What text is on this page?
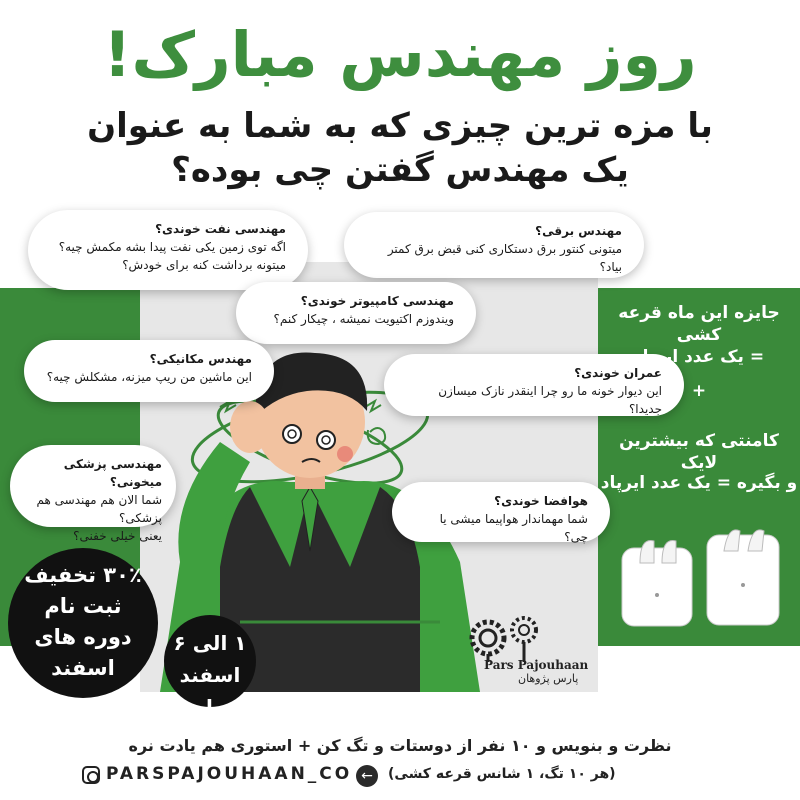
روز مهندس مبارک!
با مزه ترین چیزی که به شما به عنوان
یک مهندس گفتن چی بوده؟
مهندسی نفت خوندی؟
اگه توی زمین یکی نفت پیدا بشه مکمش چیه؟
میتونه برداشت کنه برای خودش؟
مهندس برقی؟
میتونی کنتور برق دستکاری کنی قبض برق کمتر بیاد؟
مهندسی کامپیوتر خوندی؟
ویندوزم اکتیویت نمیشه ، چیکار کنم؟
مهندس مکانیکی؟
این ماشین من ریپ میزنه، مشکلش چیه؟	عمران خوندی؟
این دیوار خونه ما رو چرا اینقدر نازک میسازن جدیدا؟
مهندسی پزشکی میخونی؟
شما الان هم مهندسی هم پزشکی؟
یعنی خیلی خفنی؟
هوافضا خوندی؟
شما مهماندار هواپیما میشی یا چی؟
جایزه این ماه قرعه کشی
= یک عدد ایرپاد
+
کامنتی که بیشترین لایک
و بگیره = یک عدد ایرپاد
۳۰٪ تخفیف
ثبت نام
دوره های
اسفند
۱ الی ۶
اسفند ماه
Pars Pajouhaan
پارس پژوهان
نظرت و بنویس و ۱۰ نفر از دوستات و تگ کن + استوری هم یادت نره
PARSPAJOUHAAN_CO ←	(هر ۱۰ تگ، ۱ شانس قرعه کشی)
